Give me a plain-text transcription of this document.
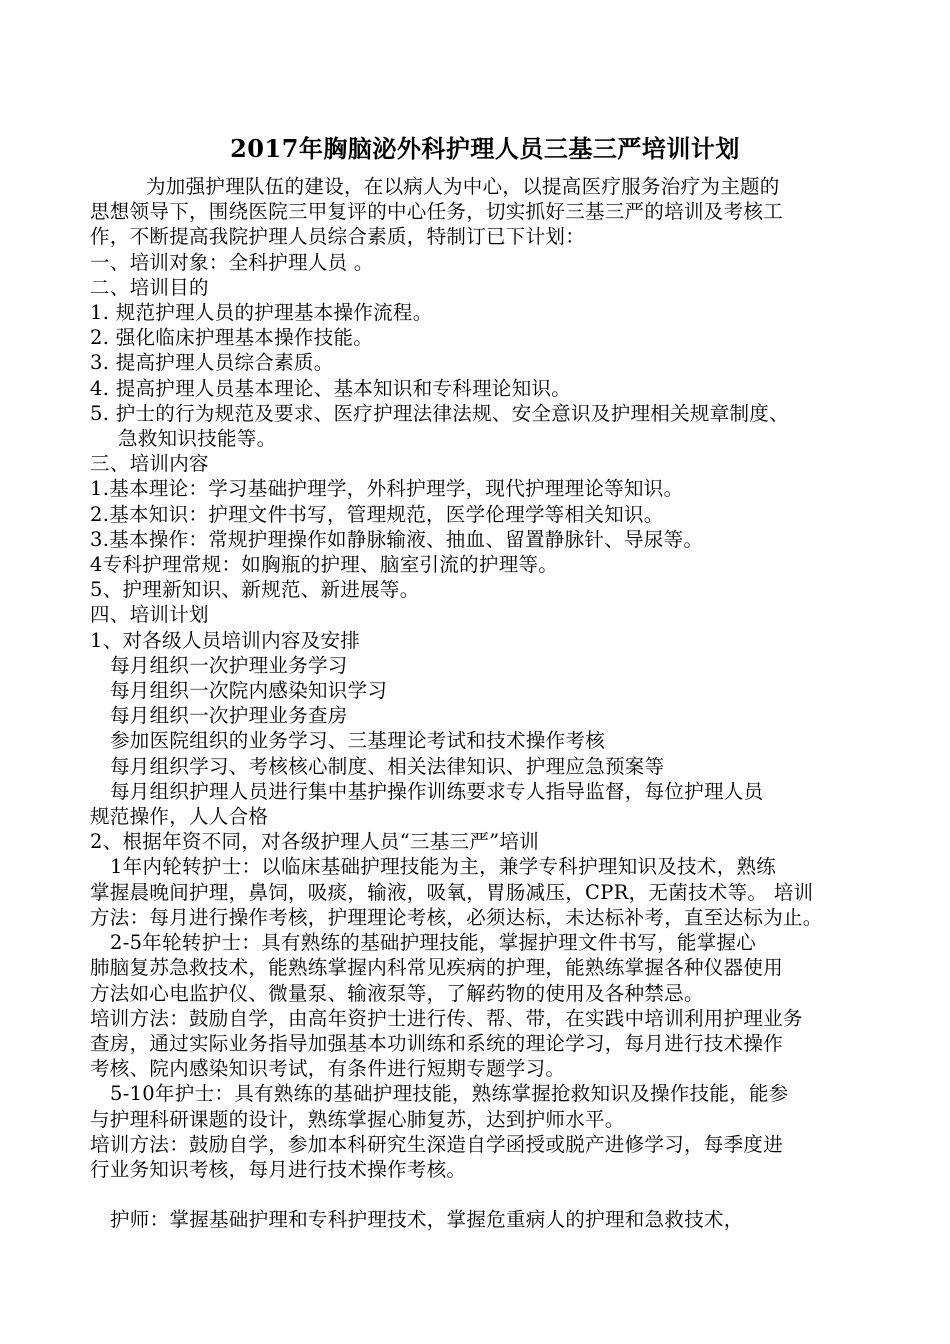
2017年胸脑泌外科护理人员三基三严培训计划
为加强护理队伍的建设，在以病人为中心，以提高医疗服务治疗为主题的
思想领导下，围绕医院三甲复评的中心任务，切实抓好三基三严的培训及考核工
作，不断提高我院护理人员综合素质，特制订已下计划：
一、培训对象：全科护理人员 。
二、培训目的
1. 规范护理人员的护理基本操作流程。
2. 强化临床护理基本操作技能。
3. 提高护理人员综合素质。
4. 提高护理人员基本理论、基本知识和专科理论知识。
5. 护士的行为规范及要求、医疗护理法律法规、安全意识及护理相关规章制度、
急救知识技能等。
三、培训内容
1.基本理论：学习基础护理学，外科护理学，现代护理理论等知识。
2.基本知识：护理文件书写，管理规范，医学伦理学等相关知识。
3.基本操作：常规护理操作如静脉输液、抽血、留置静脉针、导尿等。
4专科护理常规：如胸瓶的护理、脑室引流的护理等。
5、护理新知识、新规范、新进展等。
四、培训计划
1、对各级人员培训内容及安排
每月组织一次护理业务学习
每月组织一次院内感染知识学习
每月组织一次护理业务查房
参加医院组织的业务学习、三基理论考试和技术操作考核
每月组织学习、考核核心制度、相关法律知识、护理应急预案等
每月组织护理人员进行集中基护操作训练要求专人指导监督，每位护理人员
规范操作，人人合格
2、根据年资不同，对各级护理人员“三基三严”培训
1年内轮转护士：以临床基础护理技能为主，兼学专科护理知识及技术，熟练
掌握晨晚间护理，鼻饲，吸痰，输液，吸氧，胃肠减压，CPR，无菌技术等。 培训
方法：每月进行操作考核，护理理论考核，必须达标，未达标补考，直至达标为止。
2-5年轮转护士：具有熟练的基础护理技能，掌握护理文件书写，能掌握心
肺脑复苏急救技术，能熟练掌握内科常见疾病的护理，能熟练掌握各种仪器使用
方法如心电监护仪、微量泵、输液泵等，了解药物的使用及各种禁忌。
培训方法：鼓励自学，由高年资护士进行传、帮、带，在实践中培训利用护理业务
查房，通过实际业务指导加强基本功训练和系统的理论学习，每月进行技术操作
考核、院内感染知识考试，有条件进行短期专题学习。
5-10年护士：具有熟练的基础护理技能，熟练掌握抢救知识及操作技能，能参
与护理科研课题的设计，熟练掌握心肺复苏，达到护师水平。
培训方法：鼓励自学，参加本科研究生深造自学函授或脱产进修学习，每季度进
行业务知识考核，每月进行技术操作考核。
护师：掌握基础护理和专科护理技术，掌握危重病人的护理和急救技术，
